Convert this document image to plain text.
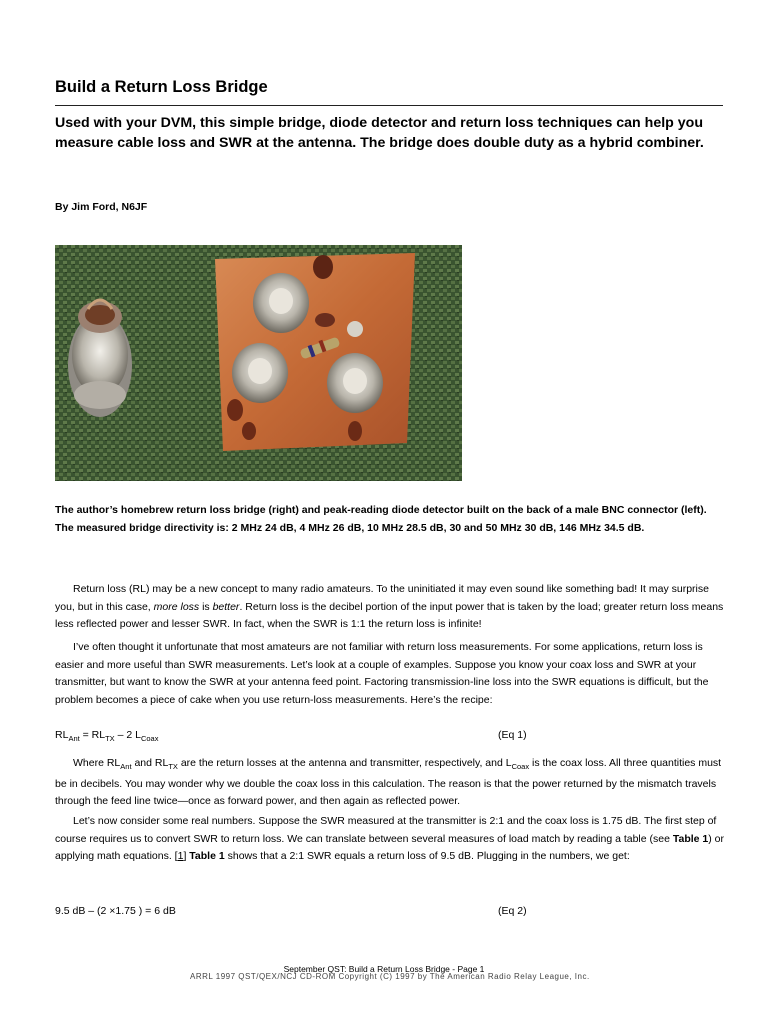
Build a Return Loss Bridge

Used with your DVM, this simple bridge, diode detector and return loss techniques can help you measure cable loss and SWR at the antenna. The bridge does double duty as a hybrid combiner.

By Jim Ford, N6JF

The author’s homebrew return loss bridge (right) and peak-reading diode detector built on the back of a male BNC connector (left). The measured bridge directivity is: 2 MHz 24 dB, 4 MHz 26 dB, 10 MHz 28.5 dB, 30 and 50 MHz 30 dB, 146 MHz 34.5 dB.

Return loss (RL) may be a new concept to many radio amateurs. To the uninitiated it may even sound like something bad! It may surprise you, but in this case, more loss is better. Return loss is the decibel portion of the input power that is taken by the load; greater return loss means less reflected power and lesser SWR. In fact, when the SWR is 1:1 the return loss is infinite!

I’ve often thought it unfortunate that most amateurs are not familiar with return loss measurements. For some applications, return loss is easier and more useful than SWR measurements. Let’s look at a couple of examples. Suppose you know your coax loss and SWR at your transmitter, but want to know the SWR at your antenna feed point. Factoring transmission-line loss into the SWR equations is difficult, but the problem becomes a piece of cake when you use return-loss measurements. Here’s the recipe:

$RL_{Ant} = RL_{TX} - 2$ $L_{Coax}$	(Eq 1)

Where $RL_{Ant}$ and $RL_{TX}$ are the return losses at the antenna and transmitter, respectively, and $L_{Coax}$ is the coax loss. All three quantities must be in decibels. You may wonder why we double the coax loss in this calculation. The reason is that the power returned by the mismatch travels through the feed line twice—once as forward power, and then again as reflected power.

Let’s now consider some real numbers. Suppose the SWR measured at the transmitter is 2:1 and the coax loss is 1.75 dB. The first step of course requires us to convert SWR to return loss. We can translate between several measures of load match by reading a table (see Table 1) or applying math equations. [1] Table 1 shows that a 2:1 SWR equals a return loss of 9.5 dB. Plugging in the numbers, we get:

9.5 dB – (2 ×1.75 ) = 6 dB	(Eq 2)
September QST: Build a Return Loss Bridge - Page 1
ARRL 1997 QST/QEX/NCJ CD-ROM Copyright (C) 1997 by The American Radio Relay League, Inc.
